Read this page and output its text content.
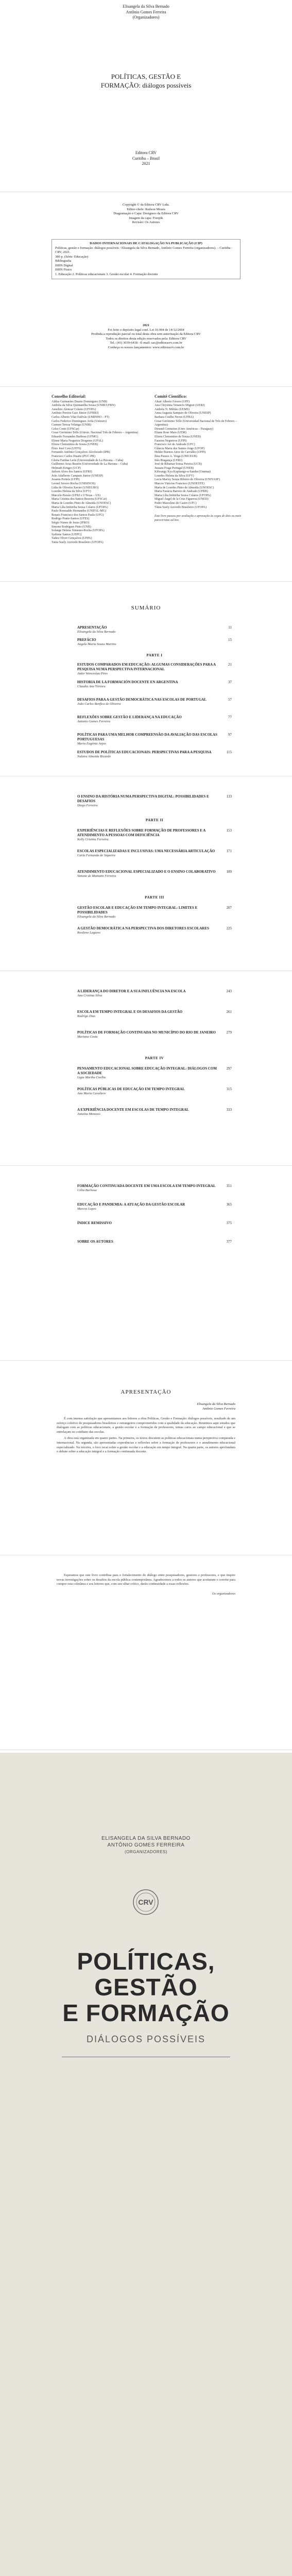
Elisangela da Silva Bernado
Antônio Gomes Ferreira
(Organizadores)
POLÍTICAS, GESTÃO E
FORMAÇÃO: diálogos possíveis
Editora CRV
Curitiba – Brasil
2021
Copyright © da Editora CRV Ltda.
Editor-chefe: Railson Moura
Diagramação e Capa: Designers da Editora CRV
Imagem da capa: Freepik
Revisão: Os Autores
DADOS INTERNACIONAIS DE CATALOGAÇÃO NA PUBLICAÇÃO (CIP)
Políticas, gestão e formação: diálogos possíveis / Elisangela da Silva Bernado, Antônio Gomes Ferreira (organizadores). – Curitiba : CRV, 2021.
380 p. (Série: Educação)
Bibliografia
ISBN Digital
ISBN Físico
1. Educação 2. Políticas educacionais 3. Gestão escolar 4. Formação docente
2021
Foi feito o depósito legal conf. Lei 10.994 de 14/12/2004
Proibida a reprodução parcial ou total desta obra sem autorização da Editora CRV
Todos os direitos desta edição reservados pela: Editora CRV
Tel.: (41) 3039-6418 - E-mail: sac@editoracrv.com.br
Conheça os nossos lançamentos: www.editoracrv.com.br
Conselho Editorial:
Aldira Guimarães Duarte Domínguez (UNB)
Andréia da Silva Quintanilha Sousa (UNIR/UFRN)
Anselmo Alencar Colares (UFOPA)
Antônio Pereira Gaio Júnior (UFRRJ)
Carlos Alberto Vilar Estêvão (UMINHO – PT)
Carlos Federico Dominguez Avila (Unieuro)
Carmen Tereza Velanga (UNIR)
Celso Conti (UFSCar)
Cesar Gerónimo Tello (Univer. Nacional Três de Febrero – Argentina)
Eduardo Fernandes Barbosa (UFMG)
Elione Maria Nogueira Diogenes (UFAL)
Elizeu Clementino de Souza (UNEB)
Élsio José Corá (UFFS)
Fernando Antônio Gonçalves Alcoforado (IPB)
Francisco Carlos Duarte (PUC-PR)
Gloria Fariñas León (Universidade de La Havana – Cuba)
Guillermo Arias Beatón (Universidade de La Havana – Cuba)
Helmuth Krüger (UCP)
Jailson Alves dos Santos (UFRJ)
João Adalberto Campato Junior (UNESP)
Josania Portela (UFPI)
Leonel Severo Rocha (UNISINOS)
Lídia de Oliveira Xavier (UNIEURO)
Lourdes Helena da Silva (UFV)
Marcelo Paixão (UFRJ e UTexas – US)
Maria Cristina dos Santos Bezerra (UFSCar)
Maria de Lourdes Pinto de Almeida (UNOESC)
Maria Lília Imbiriba Sousa Colares (UFOPA)
Paulo Romualdo Hernandes (UNIFAL-MG)
Renato Francisco dos Santos Paula (UFG)
Rodrigo Pratte-Santos (UFES)
Sérgio Nunes de Jesus (IFRO)
Simone Rodrigues Pinto (UNB)
Solange Helena Ximenes-Rocha (UFOPA)
Sydione Santos (UEPG)
Tadeu Oliver Gonçalves (UFPA)
Tania Suely Azevedo Brasileiro (UFOPA)
Comitê Científico:
Altair Alberto Fávero (UPF)
Ana Chrystina Venancio Mignot (UERJ)
Andréia N. Militão (UEMS)
Anna Augusta Sampaio de Oliveira (UNESP)
Barbara Coelho Neves (UFBA)
Cesar Gerónimo Tello (Universidad Nacional de Três de Febrero – Argentina)
Diosnel Centurion (Univ Américas – Paraguay)
Eliane Rose Maio (UEM)
Elizeu Clementino de Souza (UNEB)
Fauston Negreiros (UFPI)
Francisco Ari de Andrade (UFC)
Gláucia Maria dos Santos Jorge (UFOP)
Helder Buenos Aires de Carvalho (UFPI)
Ilma Passos A. Veiga (UNICEUB)
Inês Bragança (UERJ)
José de Ribamar Sousa Pereira (UCB)
Jussara Fraga Portugal (UNEB)
Kilwangy Kya Kapitango-a-Samba (Unemat)
Lourdes Helena da Silva (UFV)
Lucia Marisy Souza Ribeiro de Oliveira (UNIVASF)
Marcos Vinicius Francisco (UNOESTE)
Maria de Lourdes Pinto de Almeida (UNOESC)
Maria Eurácia Barreto de Andrade (UFRB)
Maria Lília Imbiriba Sousa Colares (UFOPA)
Míguel Ángel de la Cruz Figueroa (UNED)
Pedro Marcelino de Castro (UFC)
Tânia Suely Azevedo Brasileiro (UFOPA)
Este livro passou por avaliação e aprovação às cegas de dois ou mais pareceristas ad hoc.
SUMÁRIO
APRESENTAÇÃO
Elisangela da Silva Bernado
11
PREFÁCIO
Angela Maria Souza Martins
15
PARTE I
ESTUDOS COMPARADOS EM EDUCAÇÃO: ALGUMAS CONSIDERAÇÕES PARA A PESQUISA NUMA PERSPECTIVA INTERNACIONAL
Jáder Wenceslau Pires
21
HISTORIA DE LA FORMACIÓN DOCENTE EN ARGENTINA
Claudia Ana Tórtora
37
DESAFIOS PARA A GESTÃO DEMOCRÁTICA NAS ESCOLAS DE PORTUGAL
João Carlos Benfica de Oliveira
57
REFLEXÕES SOBRE GESTÃO E LIDERANÇA NA EDUCAÇÃO
Antonio Gomes Ferreira
77
POLÍTICAS PARA UMA MELHOR COMPREENSÃO DA AVALIAÇÃO DAS ESCOLAS PORTUGUESAS
Maria Eugénia Anjos
97
ESTUDOS DE POLÍTICAS EDUCACIONAIS: PERSPECTIVAS PARA A PESQUISA
Nalzira Almeida Ricardo
115
O ENSINO DA HISTÓRIA NUMA PERSPECTIVA DIGITAL: POSSIBILIDADES E DESAFIOS
Diego Ferreira
133
PARTE II
EXPERIÊNCIAS E REFLEXÕES SOBRE FORMAÇÃO DE PROFESSORES E A ATENDIMENTO A PESSOAS COM DEFICIÊNCIA
Kelly Cristina Ferreira
153
ESCOLAS ESPECIALIZADAS E INCLUSIVAS: UMA NECESSÁRIA ARTICULAÇÃO
Carla Fernanda de Siqueira
171
ATENDIMENTO EDUCACIONAL ESPECIALIZADO E O ENSINO COLABORATIVO
Simone de Mamann Ferreira
189
PARTE III
GESTÃO ESCOLAR E EDUCAÇÃO EM TEMPO INTEGRAL: LIMITES E POSSIBILIDADES
Elisangela da Silva Bernado
207
A GESTÃO DEMOCRÁTICA NA PERSPECTIVA DOS DIRETORES ESCOLARES
Rosilene Lagares
225
A LIDERANÇA DO DIRETOR E A SUA INFLUÊNCIA NA ESCOLA
Ana Cristina Silva
243
ESCOLA EM TEMPO INTEGRAL E OS DESAFIOS DA GESTÃO
Rodrigo Dias
261
POLÍTICAS DE FORMAÇÃO CONTINUADA NO MUNICÍPIO DO RIO DE JANEIRO
Mariana Costa
279
PARTE IV
PENSAMENTO EDUCACIONAL SOBRE EDUCAÇÃO INTEGRAL: DIÁLOGOS COM A SOCIEDADE
Ligia Martha Coelho
297
POLÍTICAS PÚBLICAS DE EDUCAÇÃO EM TEMPO INTEGRAL
Ana Maria Cavaliere
315
A EXPERIÊNCIA DOCENTE EM ESCOLAS DE TEMPO INTEGRAL
Janaína Menezes
333
FORMAÇÃO CONTINUADA DOCENTE EM UMA ESCOLA EM TEMPO INTEGRAL
Célia Barbosa
351
EDUCAÇÃO E PANDEMIA: A ATUAÇÃO DA GESTÃO ESCOLAR
Marcos Lopes
365
ÍNDICE REMISSIVO	375
SOBRE OS AUTORES	377
APRESENTAÇÃO
Elisangela da Silva Bernado
Antônio Gomes Ferreira

É com imensa satisfação que apresentamos aos leitores a obra Políticas, Gestão e Formação: diálogos possíveis, resultado de um esforço coletivo de pesquisadores brasileiros e estrangeiros comprometidos com a qualidade da educação. Reunimos aqui estudos que dialogam com as políticas educacionais, a gestão escolar e a formação de professores, temas caros ao campo educacional e que se entrelaçam no cotidiano das escolas.

A obra está organizada em quatro partes. Na primeira, os textos discutem as políticas educacionais numa perspectiva comparada e internacional. Na segunda, são apresentadas experiências e reflexões sobre a formação de professores e o atendimento educacional especializado. Na terceira, o foco recai sobre a gestão escolar e a educação em tempo integral. Na quarta parte, os autores aprofundam o debate sobre a educação integral e a formação continuada docente.

Esperamos que este livro contribua para o fortalecimento do diálogo entre pesquisadores, gestores e professores, e que inspire novas investigações sobre os desafios da escola pública contemporânea. Agradecemos a todos os autores que aceitaram o convite para compor esta coletânea e aos leitores que, com seu olhar crítico, darão continuidade a essas reflexões.

Os organizadores
ELISANGELA DA SILVA BERNADO
ANTÔNIO GOMES FERREIRA
(ORGANIZADORES)
CRV
POLÍTICAS,
GESTÃO
E FORMAÇÃO
DIÁLOGOS POSSÍVEIS
